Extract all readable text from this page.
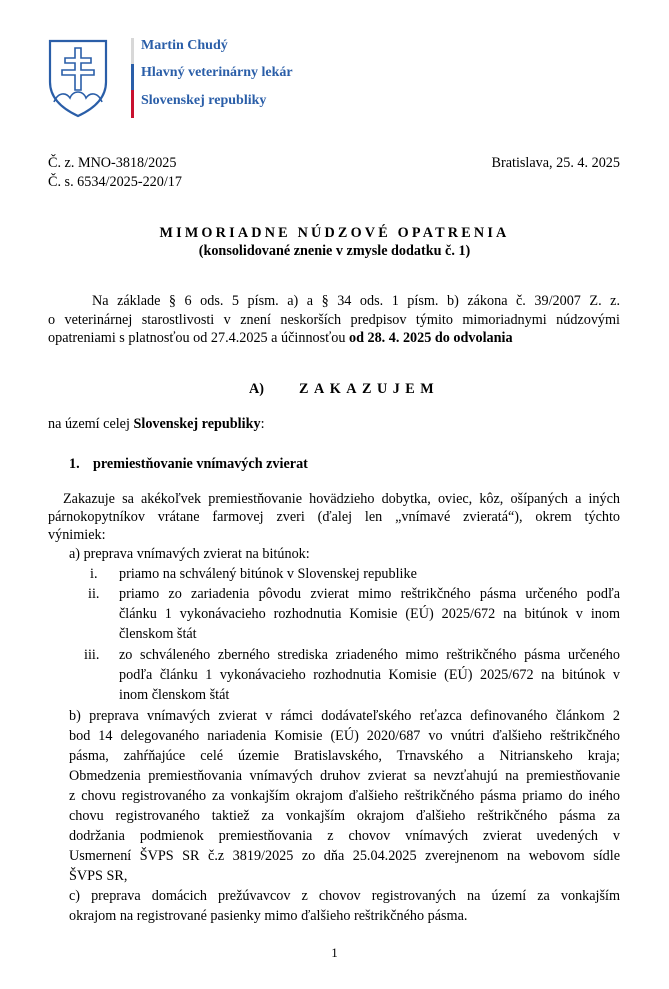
Martin Chudý
Hlavný veterinárny lekár
Slovenskej republiky
Č. z. MNO-3818/2025
Č. s. 6534/2025-220/17
Bratislava, 25. 4. 2025
MIMORIADNE NÚDZOVÉ OPATRENIA
(konsolidované znenie v zmysle dodatku č. 1)
Na základe § 6 ods. 5 písm. a) a § 34 ods. 1 písm. b) zákona č. 39/2007 Z. z.
o veterinárnej starostlivosti v znení neskorších predpisov týmito mimoriadnymi núdzovými
opatreniami s platnosťou od 27.4.2025 a účinnosťou od 28. 4. 2025 do odvolania
A) ZAKAZUJEM
na území celej Slovenskej republiky:
1. premiestňovanie vnímavých zvierat
Zakazuje sa akékoľvek premiestňovanie hovädzieho dobytka, oviec, kôz, ošípaných a iných
párnokopytníkov vrátane farmovej zveri (ďalej len „vnímavé zvieratá“), okrem týchto
výnimiek:
a) preprava vnímavých zvierat na bitúnok:
i. priamo na schválený bitúnok v Slovenskej republike
ii. priamo zo zariadenia pôvodu zvierat mimo reštrikčného pásma určeného podľa
článku 1 vykonávacieho rozhodnutia Komisie (EÚ) 2025/672 na bitúnok v inom
členskom štát
iii. zo schváleného zberného strediska zriadeného mimo reštrikčného pásma určeného
podľa článku 1 vykonávacieho rozhodnutia Komisie (EÚ) 2025/672 na bitúnok v
inom členskom štát
b) preprava vnímavých zvierat v rámci dodávateľského reťazca definovaného článkom 2
bod 14 delegovaného nariadenia Komisie (EÚ) 2020/687 vo vnútri ďalšieho reštrikčného
pásma, zahŕňajúce celé územie Bratislavského, Trnavského a Nitrianskeho kraja;
Obmedzenia premiestňovania vnímavých druhov zvierat sa nevzťahujú na premiestňovanie
z chovu registrovaného za vonkajším okrajom ďalšieho reštrikčného pásma priamo do iného
chovu registrovaného taktiež za vonkajším okrajom ďalšieho reštrikčného pásma za
dodržania podmienok premiestňovania z chovov vnímavých zvierat uvedených v
Usmernení ŠVPS SR č.z 3819/2025 zo dňa 25.04.2025 zverejnenom na webovom sídle
ŠVPS SR,
c) preprava domácich prežúvavcov z chovov registrovaných na území za vonkajším
okrajom na registrované pasienky mimo ďalšieho reštrikčného pásma.
1
